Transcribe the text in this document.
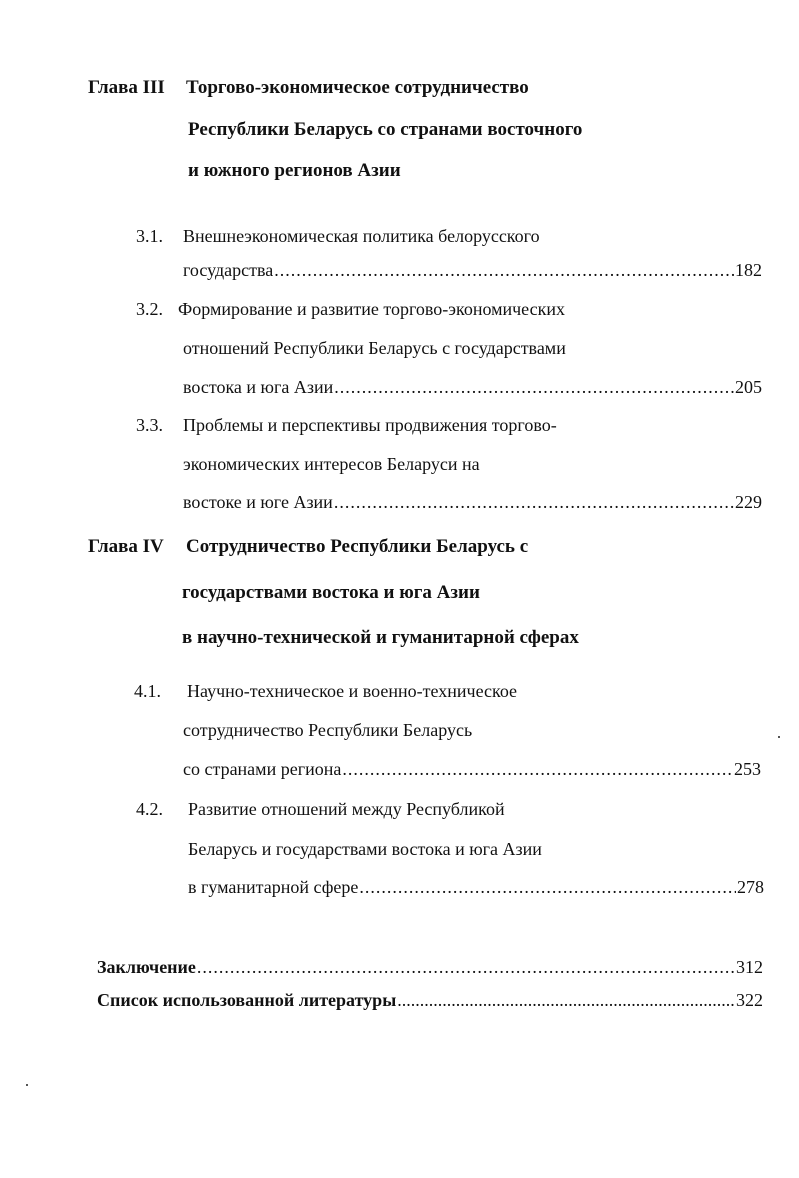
Глава III Торгово-экономическое сотрудничество
Республики Беларусь со странами восточного
и южного регионов Азии
3.1. Внешнеэкономическая политика белорусского
государства .....	182
3.2. Формирование и развитие торгово-экономических
отношений Республики Беларусь с государствами
востока и юга Азии .....	205
3.3. Проблемы и перспективы продвижения торгово-
экономических интересов Беларуси на
востоке и юге Азии .....	229
Глава IV Сотрудничество Республики Беларусь с
государствами востока и юга Азии
в научно-технической и гуманитарной сферах
4.1. Научно-техническое и военно-техническое
сотрудничество Республики Беларусь
со странами региона .....	253
4.2. Развитие отношений между Республикой
Беларусь и государствами востока и юга Азии
в гуманитарной сфере .....	278
Заключение .....	312
Список использованной литературы .....	322
